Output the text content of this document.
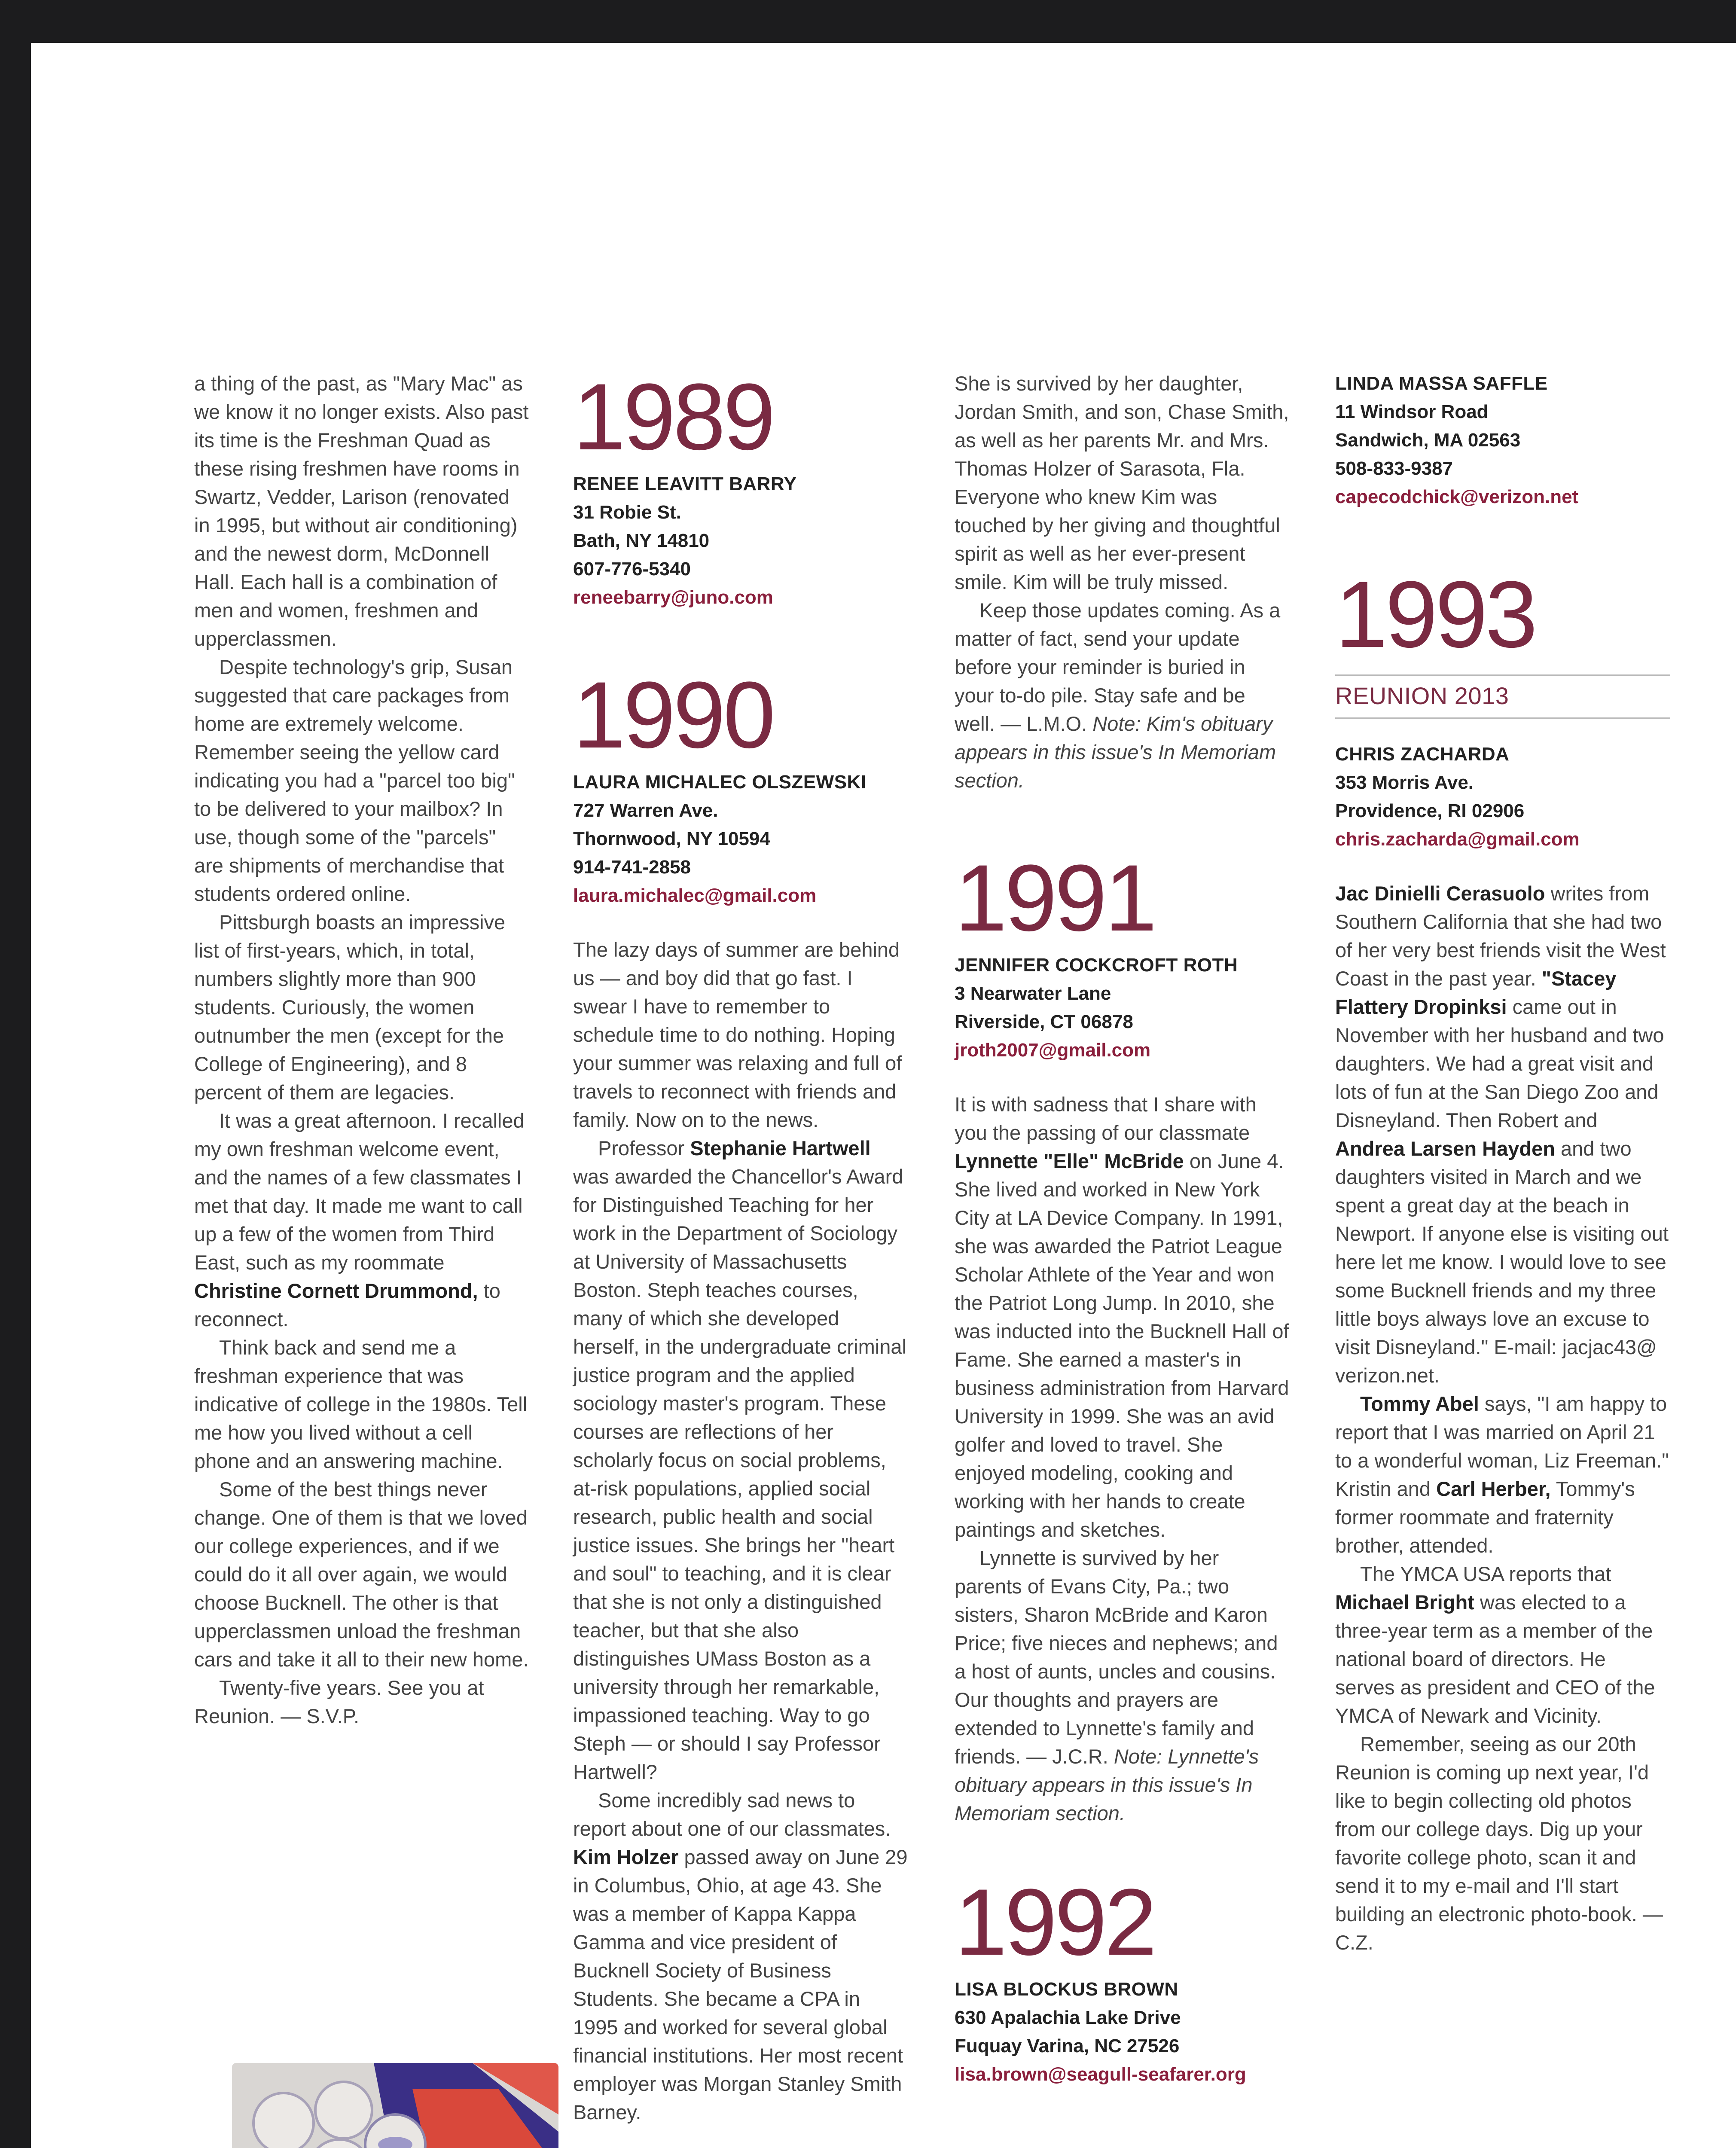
a thing of the past, as "Mary Mac" as we know it no longer exists. Also past its time is the Freshman Quad as these rising freshmen have rooms in Swartz, Vedder, Larison (renovated in 1995, but without air conditioning) and the newest dorm, McDonnell Hall. Each hall is a combination of men and women, freshmen and upperclassmen.

Despite technology's grip, Susan suggested that care packages from home are extremely welcome. Remember seeing the yellow card indicating you had a "parcel too big" to be delivered to your mailbox? In use, though some of the "parcels" are shipments of merchandise that students ordered online.

Pittsburgh boasts an impressive list of first-years, which, in total, numbers slightly more than 900 students. Curiously, the women outnumber the men (except for the College of Engineering), and 8 percent of them are legacies.

It was a great afternoon. I recalled my own freshman welcome event, and the names of a few classmates I met that day. It made me want to call up a few of the women from Third East, such as my roommate Christine Cornett Drummond, to reconnect.

Think back and send me a freshman experience that was indicative of college in the 1980s. Tell me how you lived without a cell phone and an answering machine.

Some of the best things never change. One of them is that we loved our college experiences, and if we could do it all over again, we would choose Bucknell. The other is that upperclassmen unload the freshman cars and take it all to their new home.

Twenty-five years. See you at Reunion. — S.V.P.

1989
RENEE LEAVITT BARRY
31 Robie St.
Bath, NY 14810
607-776-5340
reneebarry@juno.com
1990
LAURA MICHALEC OLSZEWSKI
727 Warren Ave.
Thornwood, NY 10594
914-741-2858
laura.michalec@gmail.com

The lazy days of summer are behind us — and boy did that go fast. I swear I have to remember to schedule time to do nothing. Hoping your summer was relaxing and full of travels to reconnect with friends and family. Now on to the news.

Professor Stephanie Hartwell was awarded the Chancellor's Award for Distinguished Teaching for her work in the Department of Sociology at University of Massachusetts Boston. Steph teaches courses, many of which she developed herself, in the undergraduate criminal justice program and the applied sociology master's program. These courses are reflections of her scholarly focus on social problems, at-risk populations, applied social research, public health and social justice issues. She brings her "heart and soul" to teaching, and it is clear that she is not only a distinguished teacher, but that she also distinguishes UMass Boston as a university through her remarkable, impassioned teaching. Way to go Steph — or should I say Professor Hartwell?

Some incredibly sad news to report about one of our classmates. Kim Holzer passed away on June 29 in Columbus, Ohio, at age 43. She was a member of Kappa Kappa Gamma and vice president of Bucknell Society of Business Students. She became a CPA in 1995 and worked for several global financial institutions. Her most recent employer was Morgan Stanley Smith Barney.

She is survived by her daughter, Jordan Smith, and son, Chase Smith, as well as her parents Mr. and Mrs. Thomas Holzer of Sarasota, Fla. Everyone who knew Kim was touched by her giving and thoughtful spirit as well as her ever-present smile. Kim will be truly missed.

Keep those updates coming. As a matter of fact, send your update before your reminder is buried in your to-do pile. Stay safe and be well. — L.M.O. Note: Kim's obituary appears in this issue's In Memoriam section.

1991
JENNIFER COCKCROFT ROTH
3 Nearwater Lane
Riverside, CT 06878
jroth2007@gmail.com

It is with sadness that I share with you the passing of our classmate Lynnette "Elle" McBride on June 4. She lived and worked in New York City at LA Device Company. In 1991, she was awarded the Patriot League Scholar Athlete of the Year and won the Patriot Long Jump. In 2010, she was inducted into the Bucknell Hall of Fame. She earned a master's in business administration from Harvard University in 1999. She was an avid golfer and loved to travel. She enjoyed modeling, cooking and working with her hands to create paintings and sketches.

Lynnette is survived by her parents of Evans City, Pa.; two sisters, Sharon McBride and Karon Price; five nieces and nephews; and a host of aunts, uncles and cousins. Our thoughts and prayers are extended to Lynnette's family and friends. — J.C.R. Note: Lynnette's obituary appears in this issue's In Memoriam section.

1992
LISA BLOCKUS BROWN
630 Apalachia Lake Drive
Fuquay Varina, NC 27526
lisa.brown@seagull-seafarer.org
LINDA MASSA SAFFLE
11 Windsor Road
Sandwich, MA 02563
508-833-9387
capecodchick@verizon.net
1993
REUNION 2013
CHRIS ZACHARDA
353 Morris Ave.
Providence, RI 02906
chris.zacharda@gmail.com

Jac Dinielli Cerasuolo writes from Southern California that she had two of her very best friends visit the West Coast in the past year. "Stacey Flattery Dropinksi came out in November with her husband and two daughters. We had a great visit and lots of fun at the San Diego Zoo and Disneyland. Then Robert and Andrea Larsen Hayden and two daughters visited in March and we spent a great day at the beach in Newport. If anyone else is visiting out here let me know. I would love to see some Bucknell friends and my three little boys always love an excuse to visit Disneyland." E-mail: jacjac43@ verizon.net.

Tommy Abel says, "I am happy to report that I was married on April 21 to a wonderful woman, Liz Freeman." Kristin and Carl Herber, Tommy's former roommate and fraternity brother, attended.

The YMCA USA reports that Michael Bright was elected to a three-year term as a member of the national board of directors. He serves as president and CEO of the YMCA of Newark and Vicinity.

Remember, seeing as our 20th Reunion is coming up next year, I'd like to begin collecting old photos from our college days. Dig up your favorite college photo, scan it and send it to my e-mail and I'll start building an electronic photo-book. — C.Z.
